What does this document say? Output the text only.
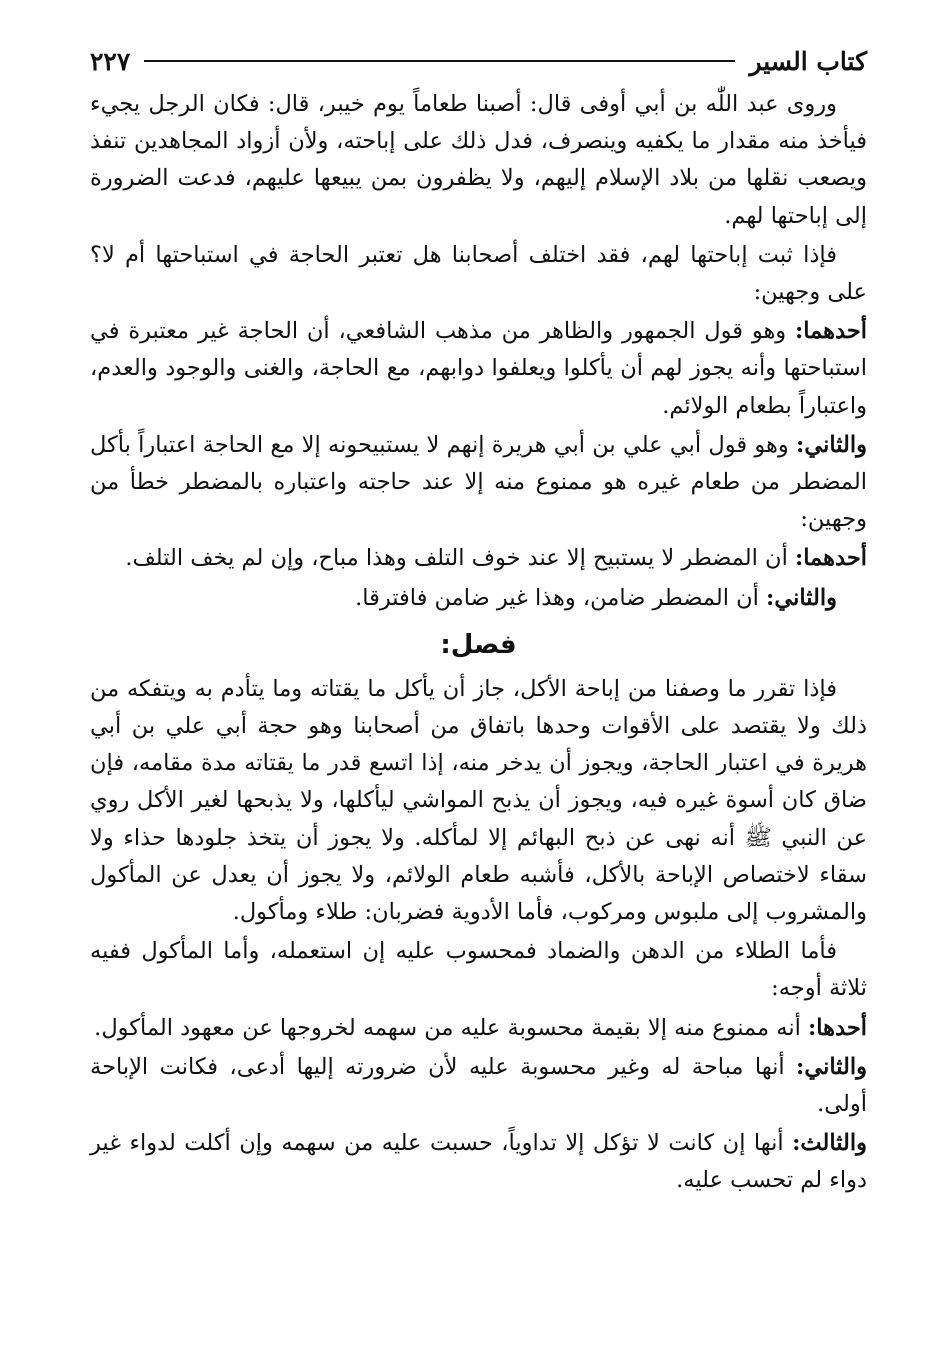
كتاب السير
٢٢٧

وروى عبد اللّٰه بن أبي أوفى قال: أصبنا طعاماً يوم خيبر، قال: فكان الرجل يجيء فيأخذ منه مقدار ما يكفيه وينصرف، فدل ذلك على إباحته، ولأن أزواد المجاهدين تنفذ ويصعب نقلها من بلاد الإسلام إليهم، ولا يظفرون بمن يبيعها عليهم، فدعت الضرورة إلى إباحتها لهم.

فإذا ثبت إباحتها لهم، فقد اختلف أصحابنا هل تعتبر الحاجة في استباحتها أم لا؟ على وجهين:

أحدهما: وهو قول الجمهور والظاهر من مذهب الشافعي، أن الحاجة غير معتبرة في استباحتها وأنه يجوز لهم أن يأكلوا ويعلفوا دوابهم، مع الحاجة، والغنى والوجود والعدم، واعتباراً بطعام الولائم.

والثاني: وهو قول أبي علي بن أبي هريرة إنهم لا يستبيحونه إلا مع الحاجة اعتباراً بأكل المضطر من طعام غيره هو ممنوع منه إلا عند حاجته واعتباره بالمضطر خطأ من وجهين:

أحدهما: أن المضطر لا يستبيح إلا عند خوف التلف وهذا مباح، وإن لم يخف التلف.

والثاني: أن المضطر ضامن، وهذا غير ضامن فافترقا.

فصل:

فإذا تقرر ما وصفنا من إباحة الأكل، جاز أن يأكل ما يقتاته وما يتأدم به ويتفكه من ذلك ولا يقتصد على الأقوات وحدها باتفاق من أصحابنا وهو حجة أبي علي بن أبي هريرة في اعتبار الحاجة، ويجوز أن يدخر منه، إذا اتسع قدر ما يقتاته مدة مقامه، فإن ضاق كان أسوة غيره فيه، ويجوز أن يذبح المواشي ليأكلها، ولا يذبحها لغير الأكل روي عن النبي ﷺ أنه نهى عن ذبح البهائم إلا لمأكله. ولا يجوز أن يتخذ جلودها حذاء ولا سقاء لاختصاص الإباحة بالأكل، فأشبه طعام الولائم، ولا يجوز أن يعدل عن المأكول والمشروب إلى ملبوس ومركوب، فأما الأدوية فضربان: طلاء ومأكول.

فأما الطلاء من الدهن والضماد فمحسوب عليه إن استعمله، وأما المأكول ففيه ثلاثة أوجه:

أحدها: أنه ممنوع منه إلا بقيمة محسوبة عليه من سهمه لخروجها عن معهود المأكول.

والثاني: أنها مباحة له وغير محسوبة عليه لأن ضرورته إليها أدعى، فكانت الإباحة أولى.

والثالث: أنها إن كانت لا تؤكل إلا تداوياً، حسبت عليه من سهمه وإن أكلت لدواء غير دواء لم تحسب عليه.
